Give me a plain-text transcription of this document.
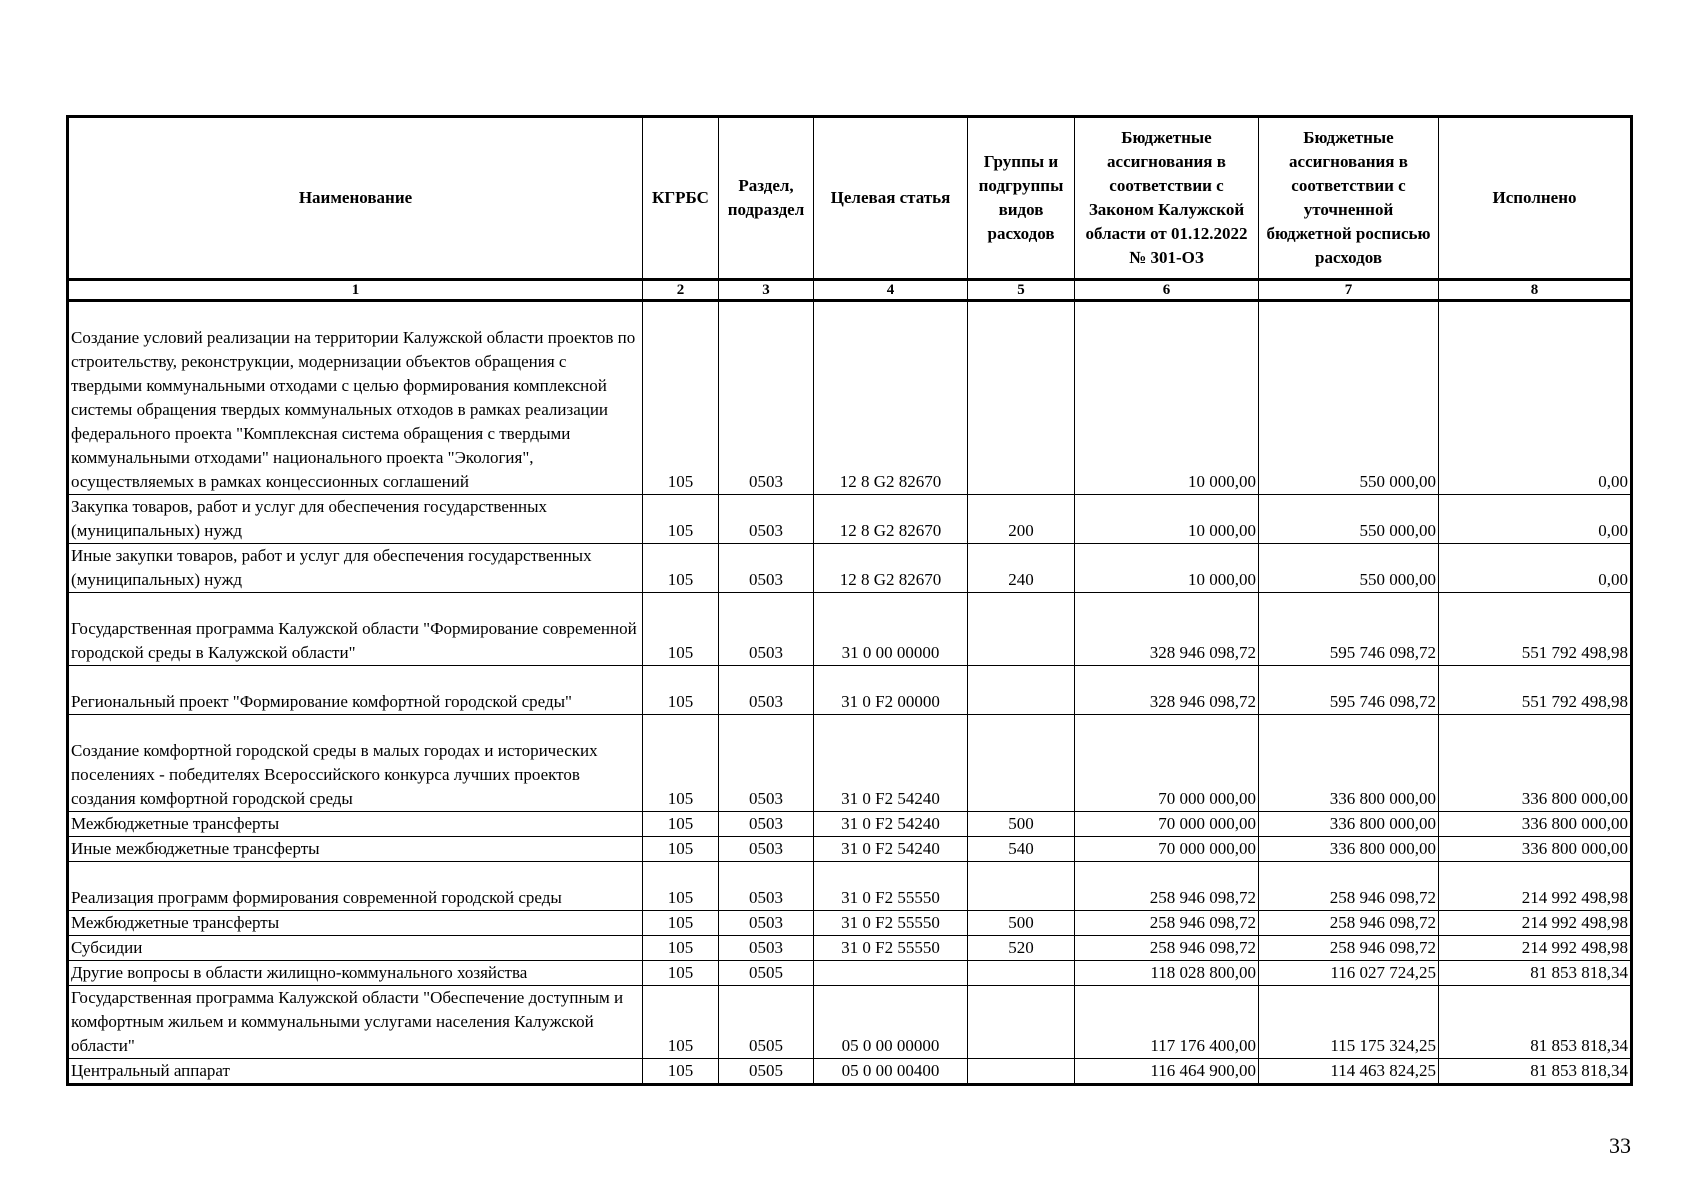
Наименование	КГРБС	Раздел, подраздел	Целевая статья	Группы и подгруппы видов расходов	Бюджетные ассигнования в соответствии с Законом Калужской области от 01.12.2022 № 301-ОЗ	Бюджетные ассигнования в соответствии с уточненной бюджетной росписью расходов	Исполнено
1	2	3	4	5	6	7	8
Создание условий реализации на территории Калужской области проектов по строительству, реконструкции, модернизации объектов обращения с твердыми коммунальными отходами с целью формирования комплексной системы обращения твердых коммунальных отходов в рамках реализации федерального проекта "Комплексная система обращения с твердыми коммунальными отходами" национального проекта "Экология", осуществляемых в рамках концессионных соглашений	105	0503	12 8 G2 82670		10 000,00	550 000,00	0,00
Закупка товаров, работ и услуг для обеспечения государственных (муниципальных) нужд	105	0503	12 8 G2 82670	200	10 000,00	550 000,00	0,00
Иные закупки товаров, работ и услуг для обеспечения государственных (муниципальных) нужд	105	0503	12 8 G2 82670	240	10 000,00	550 000,00	0,00
Государственная программа Калужской области "Формирование современной городской среды в Калужской области"	105	0503	31 0 00 00000		328 946 098,72	595 746 098,72	551 792 498,98
Региональный проект "Формирование комфортной городской среды"	105	0503	31 0 F2 00000		328 946 098,72	595 746 098,72	551 792 498,98
Создание комфортной городской среды в малых городах и исторических поселениях - победителях Всероссийского конкурса лучших проектов создания комфортной городской среды	105	0503	31 0 F2 54240		70 000 000,00	336 800 000,00	336 800 000,00
Межбюджетные трансферты	105	0503	31 0 F2 54240	500	70 000 000,00	336 800 000,00	336 800 000,00
Иные межбюджетные трансферты	105	0503	31 0 F2 54240	540	70 000 000,00	336 800 000,00	336 800 000,00
Реализация программ формирования современной городской среды	105	0503	31 0 F2 55550		258 946 098,72	258 946 098,72	214 992 498,98
Межбюджетные трансферты	105	0503	31 0 F2 55550	500	258 946 098,72	258 946 098,72	214 992 498,98
Субсидии	105	0503	31 0 F2 55550	520	258 946 098,72	258 946 098,72	214 992 498,98
Другие вопросы в области жилищно-коммунального хозяйства	105	0505			118 028 800,00	116 027 724,25	81 853 818,34
Государственная программа Калужской области "Обеспечение доступным и комфортным жильем и коммунальными услугами населения Калужской области"	105	0505	05 0 00 00000		117 176 400,00	115 175 324,25	81 853 818,34
Центральный аппарат	105	0505	05 0 00 00400		116 464 900,00	114 463 824,25	81 853 818,34
33
